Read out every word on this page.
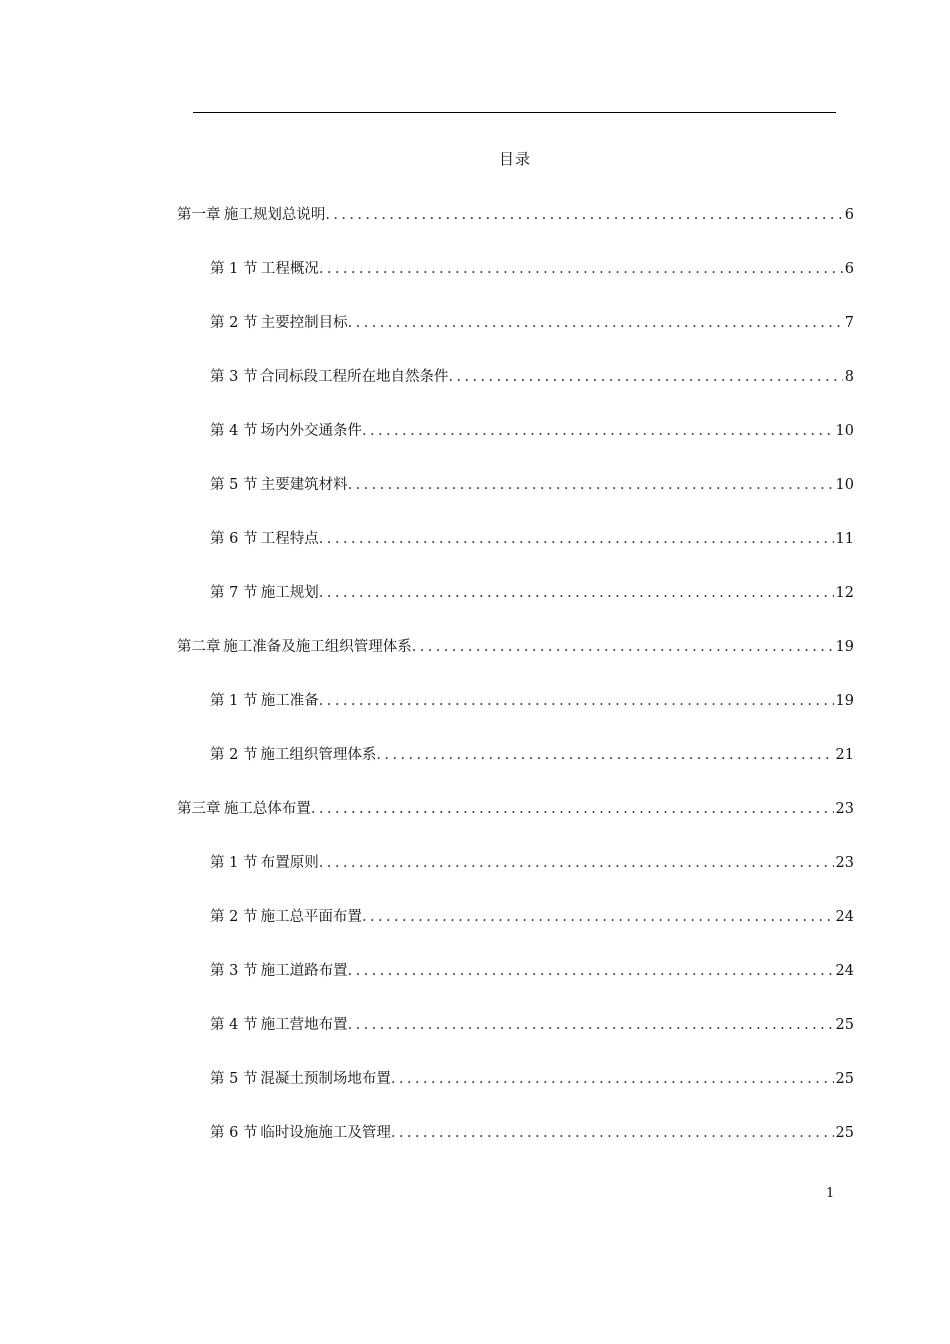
目录
第一章 施工规划总说明 .....	6
第 1 节 工程概况 .....	6
第 2 节 主要控制目标 .....	7
第 3 节 合同标段工程所在地自然条件 .....	8
第 4 节 场内外交通条件 .....	10
第 5 节 主要建筑材料 .....	10
第 6 节 工程特点 .....	11
第 7 节 施工规划 .....	12
第二章 施工准备及施工组织管理体系 .....	19
第 1 节 施工准备 .....	19
第 2 节 施工组织管理体系 .....	21
第三章 施工总体布置 .....	23
第 1 节 布置原则 .....	23
第 2 节 施工总平面布置 .....	24
第 3 节 施工道路布置 .....	24
第 4 节 施工营地布置 .....	25
第 5 节 混凝土预制场地布置 .....	25
第 6 节 临时设施施工及管理 .....	25
1
